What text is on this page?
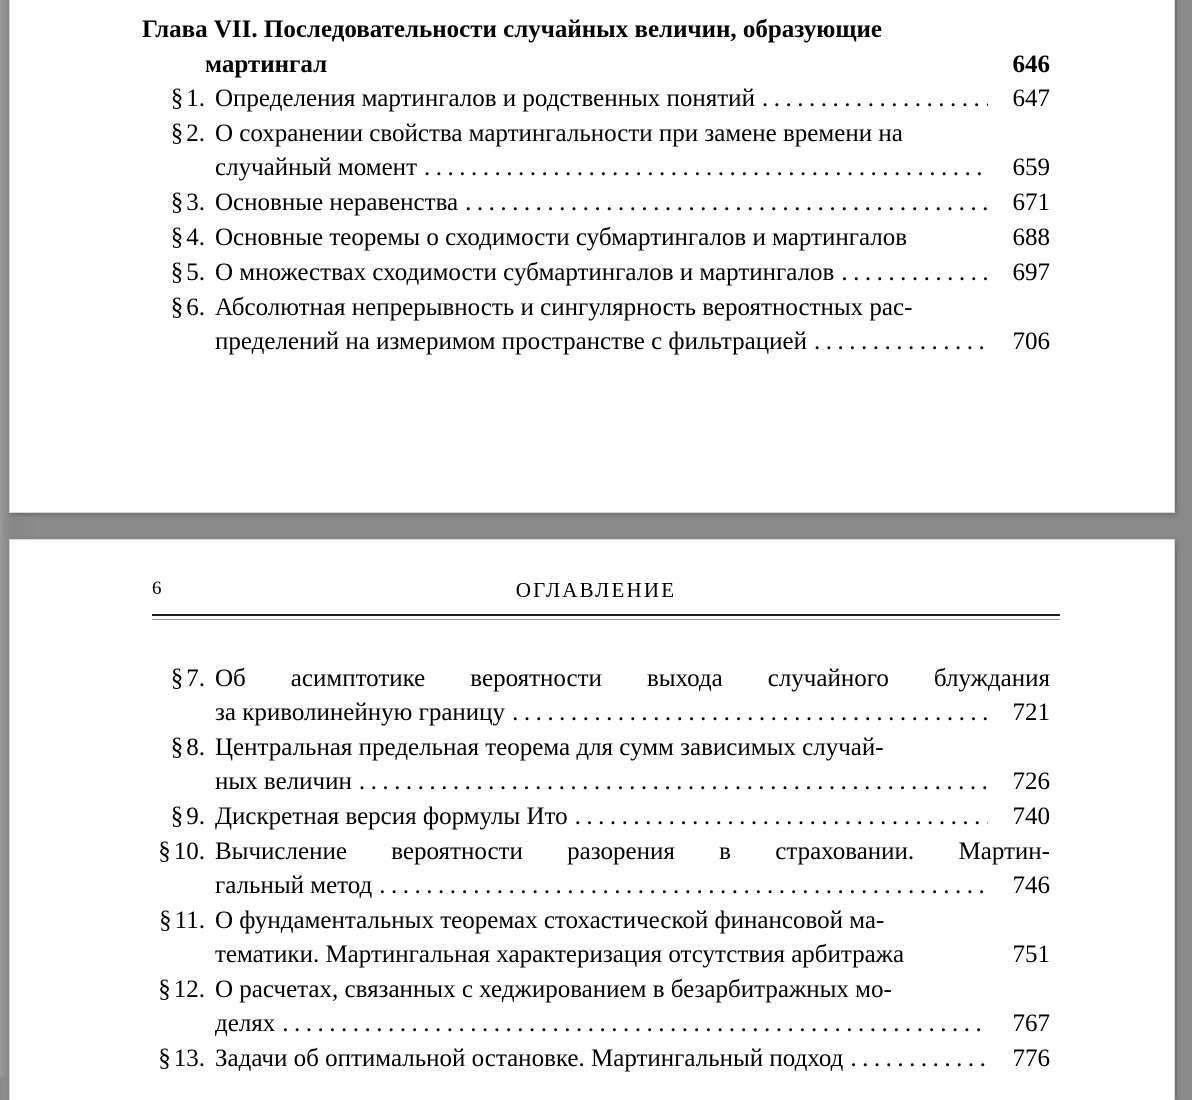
Глава VII. Последовательности случайных величин, образующие
мартингал	646
§ 1. Определения мартингалов и родственных понятий .....	647
§ 2. О сохранении свойства мартингальности при замене времени на
случайный момент .....	659
§ 3. Основные неравенства .....	671
§ 4. Основные теоремы о сходимости субмартингалов и мартингалов	688
§ 5. О множествах сходимости субмартингалов и мартингалов .....	697
§ 6. Абсолютная непрерывность и сингулярность вероятностных рас-
пределений на измеримом пространстве с фильтрацией .....	706
6	ОГЛАВЛЕНИЕ
§ 7. Об асимптотике вероятности выхода случайного блуждания
за криволинейную границу .....	721
§ 8. Центральная предельная теорема для сумм зависимых случай-
ных величин .....	726
§ 9. Дискретная версия формулы Ито .....	740
§ 10. Вычисление вероятности разорения в страховании. Мартин-
гальный метод .....	746
§ 11. О фундаментальных теоремах стохастической финансовой ма-
тематики. Мартингальная характеризация отсутствия арбитража	751
§ 12. О расчетах, связанных с хеджированием в безарбитражных мо-
делях .....	767
§ 13. Задачи об оптимальной остановке. Мартингальный подход .....	776
